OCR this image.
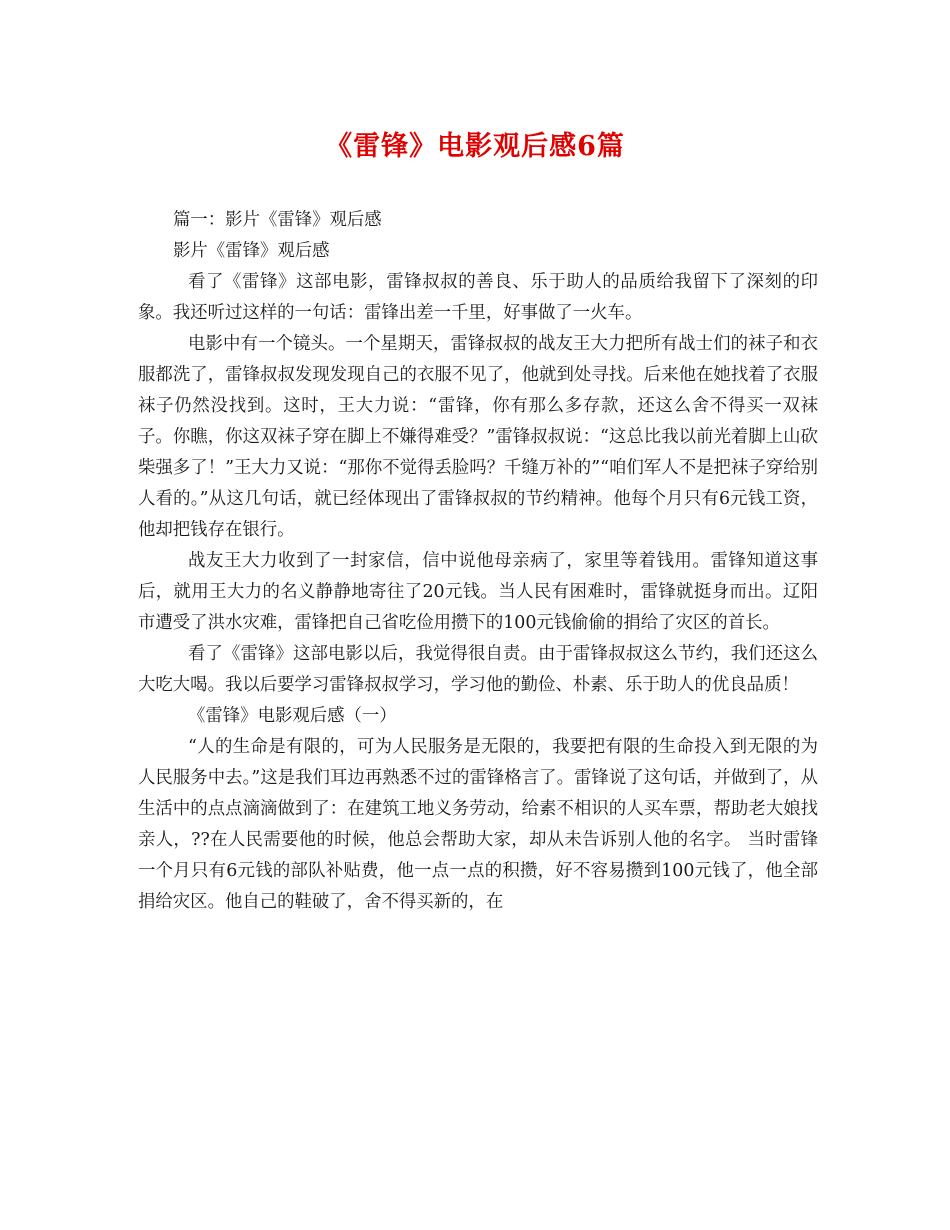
《雷锋》电影观后感6篇

篇一：影片《雷锋》观后感

影片《雷锋》观后感

看了《雷锋》这部电影，雷锋叔叔的善良、乐于助人的品质给我留下了深刻的印象。我还听过这样的一句话：雷锋出差一千里，好事做了一火车。

电影中有一个镜头。一个星期天，雷锋叔叔的战友王大力把所有战士们的袜子和衣服都洗了，雷锋叔叔发现发现自己的衣服不见了，他就到处寻找。后来他在她找着了衣服袜子仍然没找到。这时，王大力说：“雷锋，你有那么多存款，还这么舍不得买一双袜子。你瞧，你这双袜子穿在脚上不嫌得难受？”雷锋叔叔说：“这总比我以前光着脚上山砍柴强多了！”王大力又说：“那你不觉得丢脸吗？千缝万补的”“咱们军人不是把袜子穿给别人看的。”从这几句话，就已经体现出了雷锋叔叔的节约精神。他每个月只有6元钱工资，他却把钱存在银行。

战友王大力收到了一封家信，信中说他母亲病了，家里等着钱用。雷锋知道这事后，就用王大力的名义静静地寄往了20元钱。当人民有困难时，雷锋就挺身而出。辽阳市遭受了洪水灾难，雷锋把自己省吃俭用攒下的100元钱偷偷的捐给了灾区的首长。

看了《雷锋》这部电影以后，我觉得很自责。由于雷锋叔叔这么节约，我们还这么大吃大喝。我以后要学习雷锋叔叔学习，学习他的勤俭、朴素、乐于助人的优良品质！

《雷锋》电影观后感（一）

“人的生命是有限的，可为人民服务是无限的，我要把有限的生命投入到无限的为人民服务中去。”这是我们耳边再熟悉不过的雷锋格言了。雷锋说了这句话，并做到了，从生活中的点点滴滴做到了：在建筑工地义务劳动，给素不相识的人买车票，帮助老大娘找亲人，??在人民需要他的时候，他总会帮助大家，却从未告诉别人他的名字。 当时雷锋一个月只有6元钱的部队补贴费，他一点一点的积攒，好不容易攒到100元钱了，他全部捐给灾区。他自己的鞋破了，舍不得买新的，在
